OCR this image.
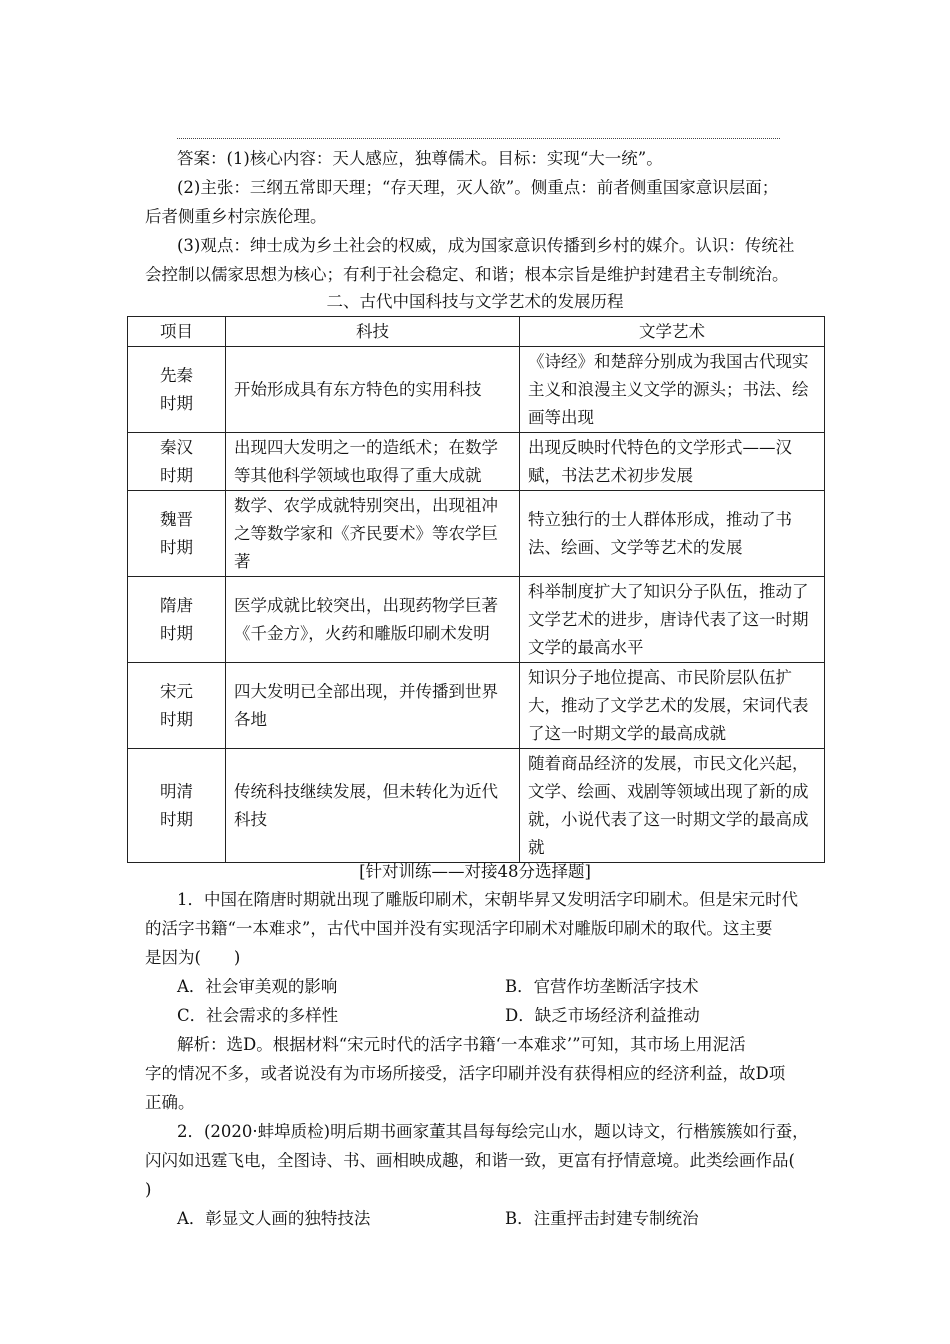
答案：(1)核心内容：天人感应，独尊儒术。目标：实现“大一统”。
(2)主张：三纲五常即天理；“存天理，灭人欲”。侧重点：前者侧重国家意识层面；
后者侧重乡村宗族伦理。
(3)观点：绅士成为乡土社会的权威，成为国家意识传播到乡村的媒介。认识：传统社
会控制以儒家思想为核心；有利于社会稳定、和谐；根本宗旨是维护封建君主专制统治。
二、古代中国科技与文学艺术的发展历程
项目	科技	文学艺术

先秦
时期	开始形成具有东方特色的实用科技	《诗经》和楚辞分别成为我国古代现实主义和浪漫主义文学的源头；书法、绘画等出现

秦汉
时期	出现四大发明之一的造纸术；在数学等其他科学领域也取得了重大成就	出现反映时代特色的文学形式——汉赋，书法艺术初步发展

魏晋
时期	数学、农学成就特别突出，出现祖冲之等数学家和《齐民要术》等农学巨著	特立独行的士人群体形成，推动了书法、绘画、文学等艺术的发展

隋唐
时期	医学成就比较突出，出现药物学巨著《千金方》，火药和雕版印刷术发明	科举制度扩大了知识分子队伍，推动了文学艺术的进步，唐诗代表了这一时期文学的最高水平

宋元
时期	四大发明已全部出现，并传播到世界各地	知识分子地位提高、市民阶层队伍扩大，推动了文学艺术的发展，宋词代表了这一时期文学的最高成就

明清
时期	传统科技继续发展，但未转化为近代科技	随着商品经济的发展，市民文化兴起，文学、绘画、戏剧等领域出现了新的成就，小说代表了这一时期文学的最高成就
[针对训练——对接48分选择题]
1．中国在隋唐时期就出现了雕版印刷术，宋朝毕昇又发明活字印刷术。但是宋元时代
的活字书籍“一本难求”，古代中国并没有实现活字印刷术对雕版印刷术的取代。这主要
是因为(　　)
A．社会审美观的影响	B．官营作坊垄断活字技术
C．社会需求的多样性	D．缺乏市场经济利益推动
解析：选D。根据材料“宋元时代的活字书籍‘一本难求’”可知，其市场上用泥活
字的情况不多，或者说没有为市场所接受，活字印刷并没有获得相应的经济利益，故D项
正确。
2．(2020·蚌埠质检)明后期书画家董其昌每每绘完山水，题以诗文，行楷簇簇如行蚕，
闪闪如迅霆飞电，全图诗、书、画相映成趣，和谐一致，更富有抒情意境。此类绘画作品(
)
A．彰显文人画的独特技法	B．注重抨击封建专制统治
